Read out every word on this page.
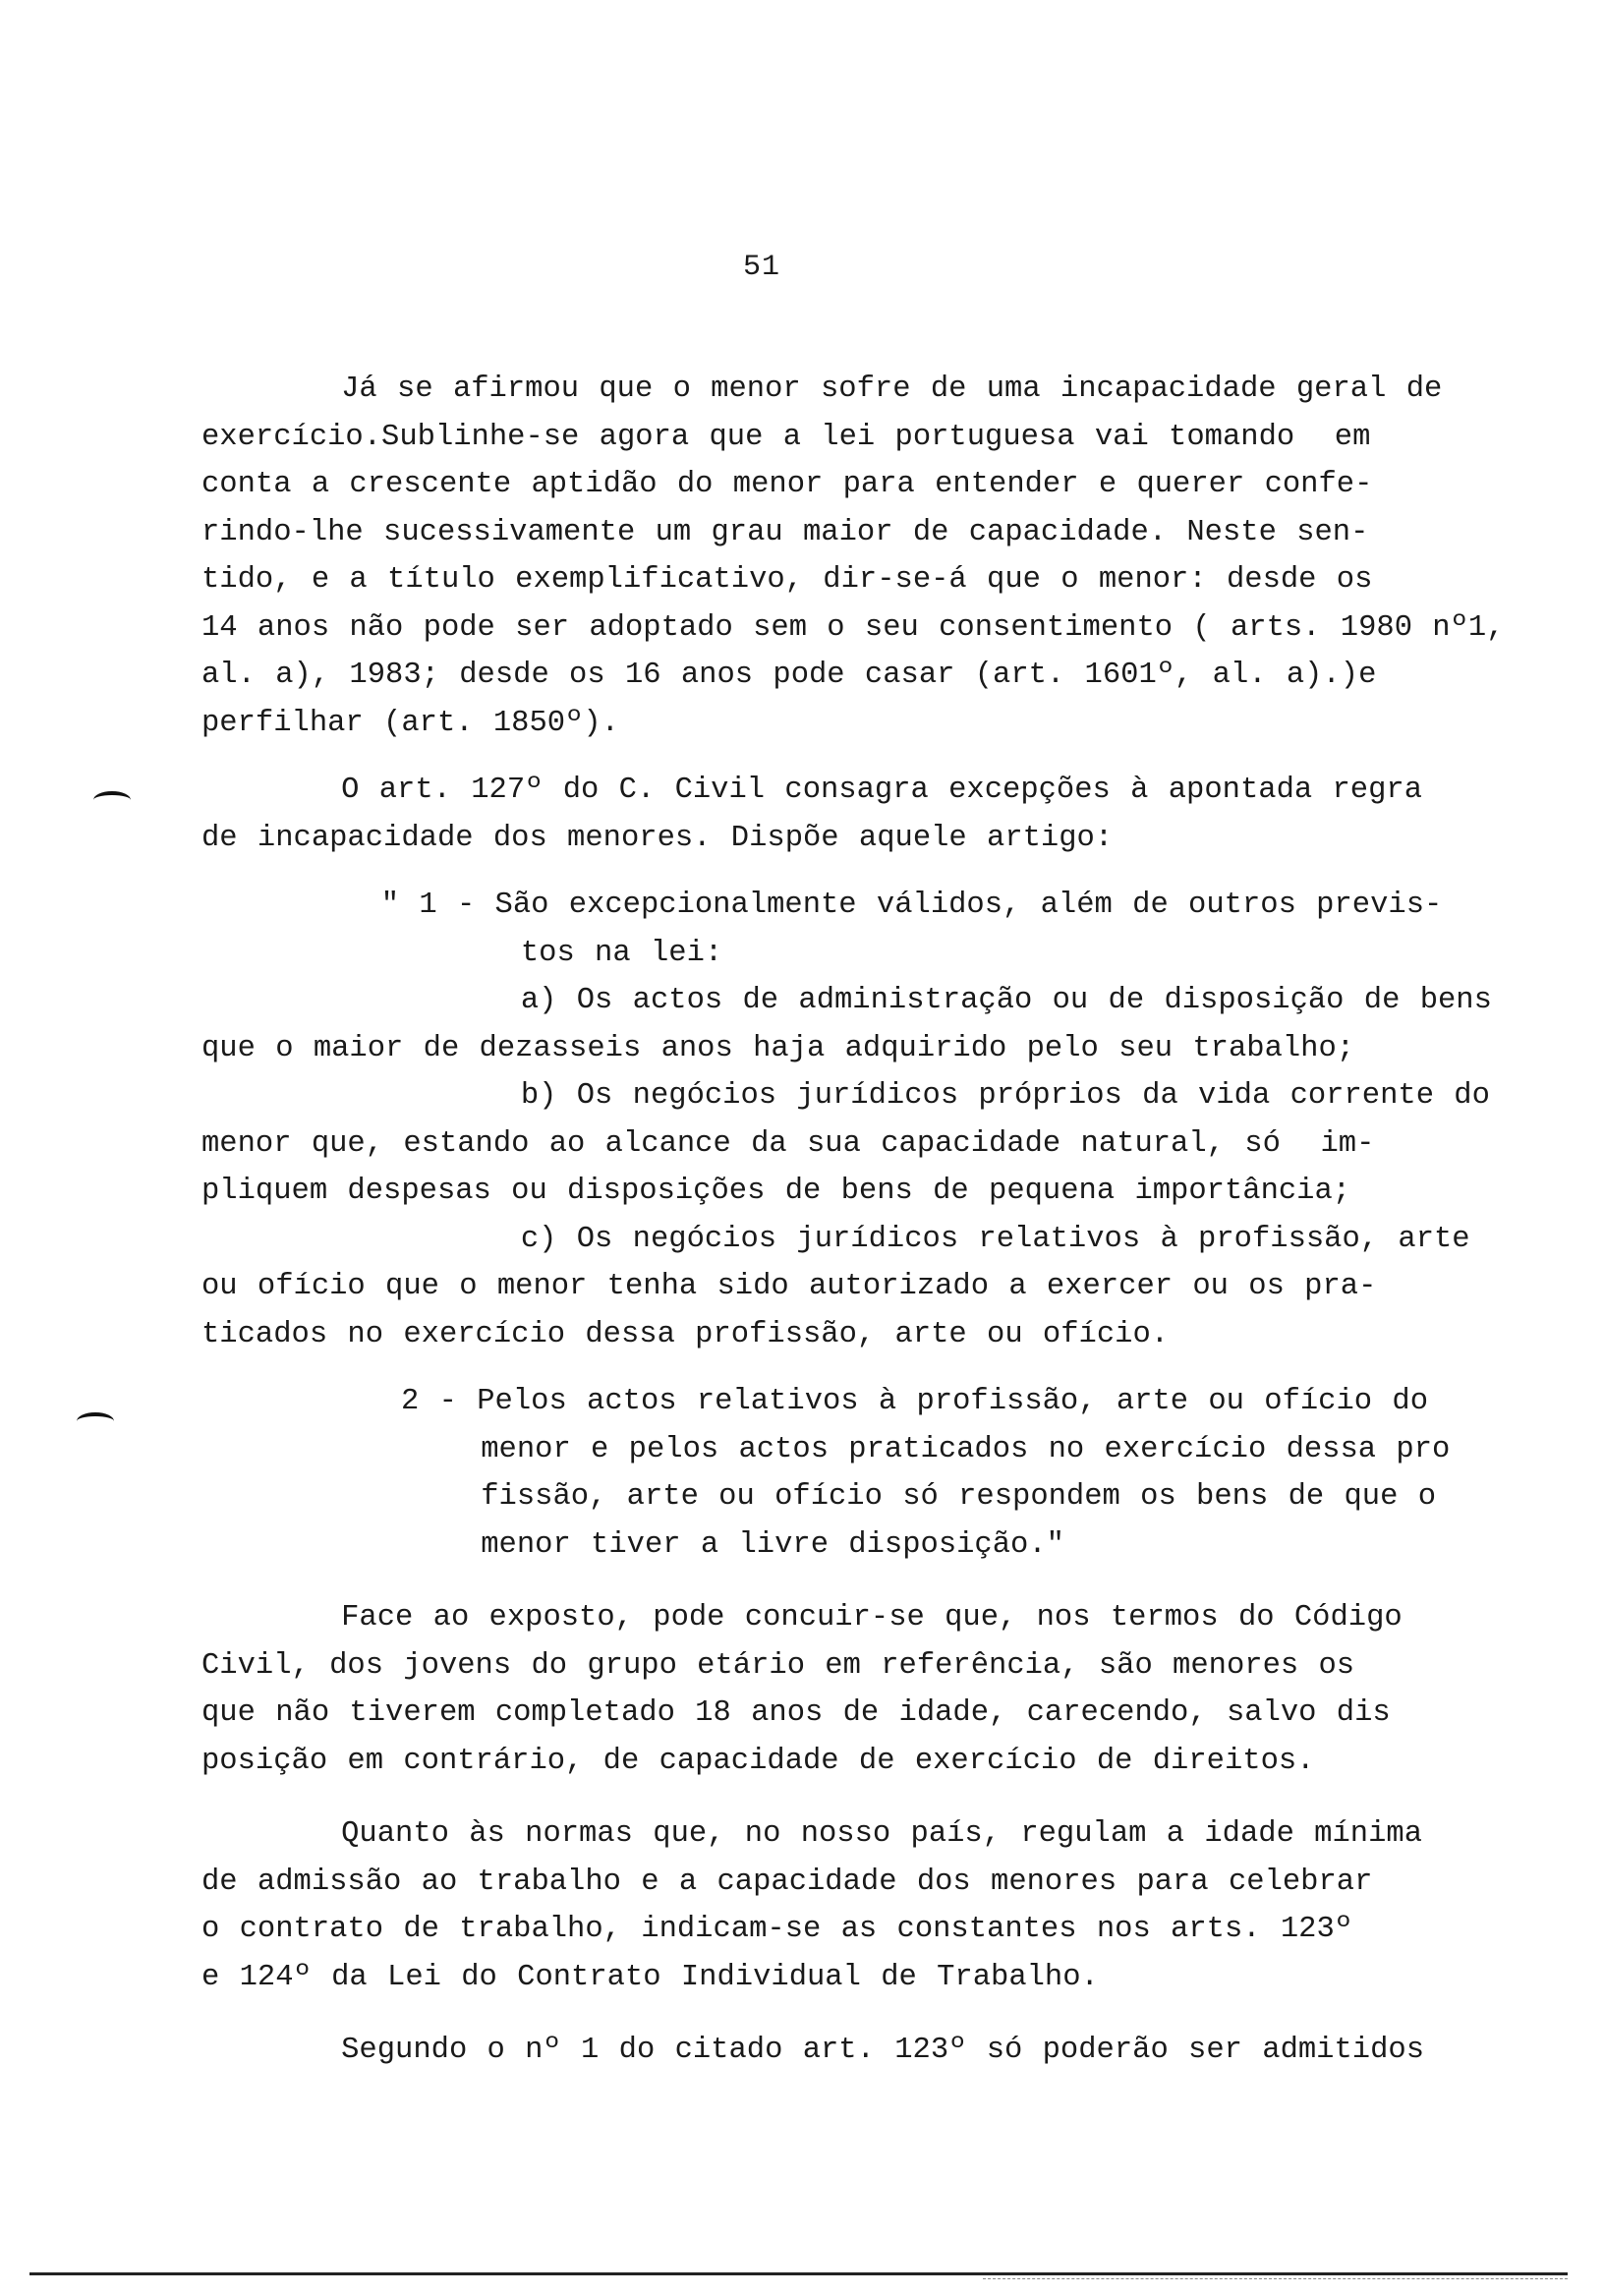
51
Já se afirmou que o menor sofre de uma incapacidade geral de
exercício.Sublinhe-se agora que a lei portuguesa vai tomando  em
conta a crescente aptidão do menor para entender e querer confe-
rindo-lhe sucessivamente um grau maior de capacidade. Neste sen-
tido, e a título exemplificativo, dir-se-á que o menor: desde os
14 anos não pode ser adoptado sem o seu consentimento ( arts. 1980 nº1,
al. a), 1983; desde os 16 anos pode casar (art. 1601º, al. a).)e
perfilhar (art. 1850º).
O art. 127º do C. Civil consagra excepções à apontada regra
de incapacidade dos menores. Dispõe aquele artigo:
" 1 - São excepcionalmente válidos, além de outros previs-
tos na lei:
a) Os actos de administração ou de disposição de bens
que o maior de dezasseis anos haja adquirido pelo seu trabalho;
b) Os negócios jurídicos próprios da vida corrente do
menor que, estando ao alcance da sua capacidade natural, só  im-
pliquem despesas ou disposições de bens de pequena importância;
c) Os negócios jurídicos relativos à profissão, arte
ou ofício que o menor tenha sido autorizado a exercer ou os pra-
ticados no exercício dessa profissão, arte ou ofício.
2 - Pelos actos relativos à profissão, arte ou ofício do
menor e pelos actos praticados no exercício dessa pro
fissão, arte ou ofício só respondem os bens de que o
menor tiver a livre disposição."
Face ao exposto, pode concuir-se que, nos termos do Código
Civil, dos jovens do grupo etário em referência, são menores os
que não tiverem completado 18 anos de idade, carecendo, salvo dis
posição em contrário, de capacidade de exercício de direitos.
Quanto às normas que, no nosso país, regulam a idade mínima
de admissão ao trabalho e a capacidade dos menores para celebrar
o contrato de trabalho, indicam-se as constantes nos arts. 123º
e 124º da Lei do Contrato Individual de Trabalho.
Segundo o nº 1 do citado art. 123º só poderão ser admitidos
